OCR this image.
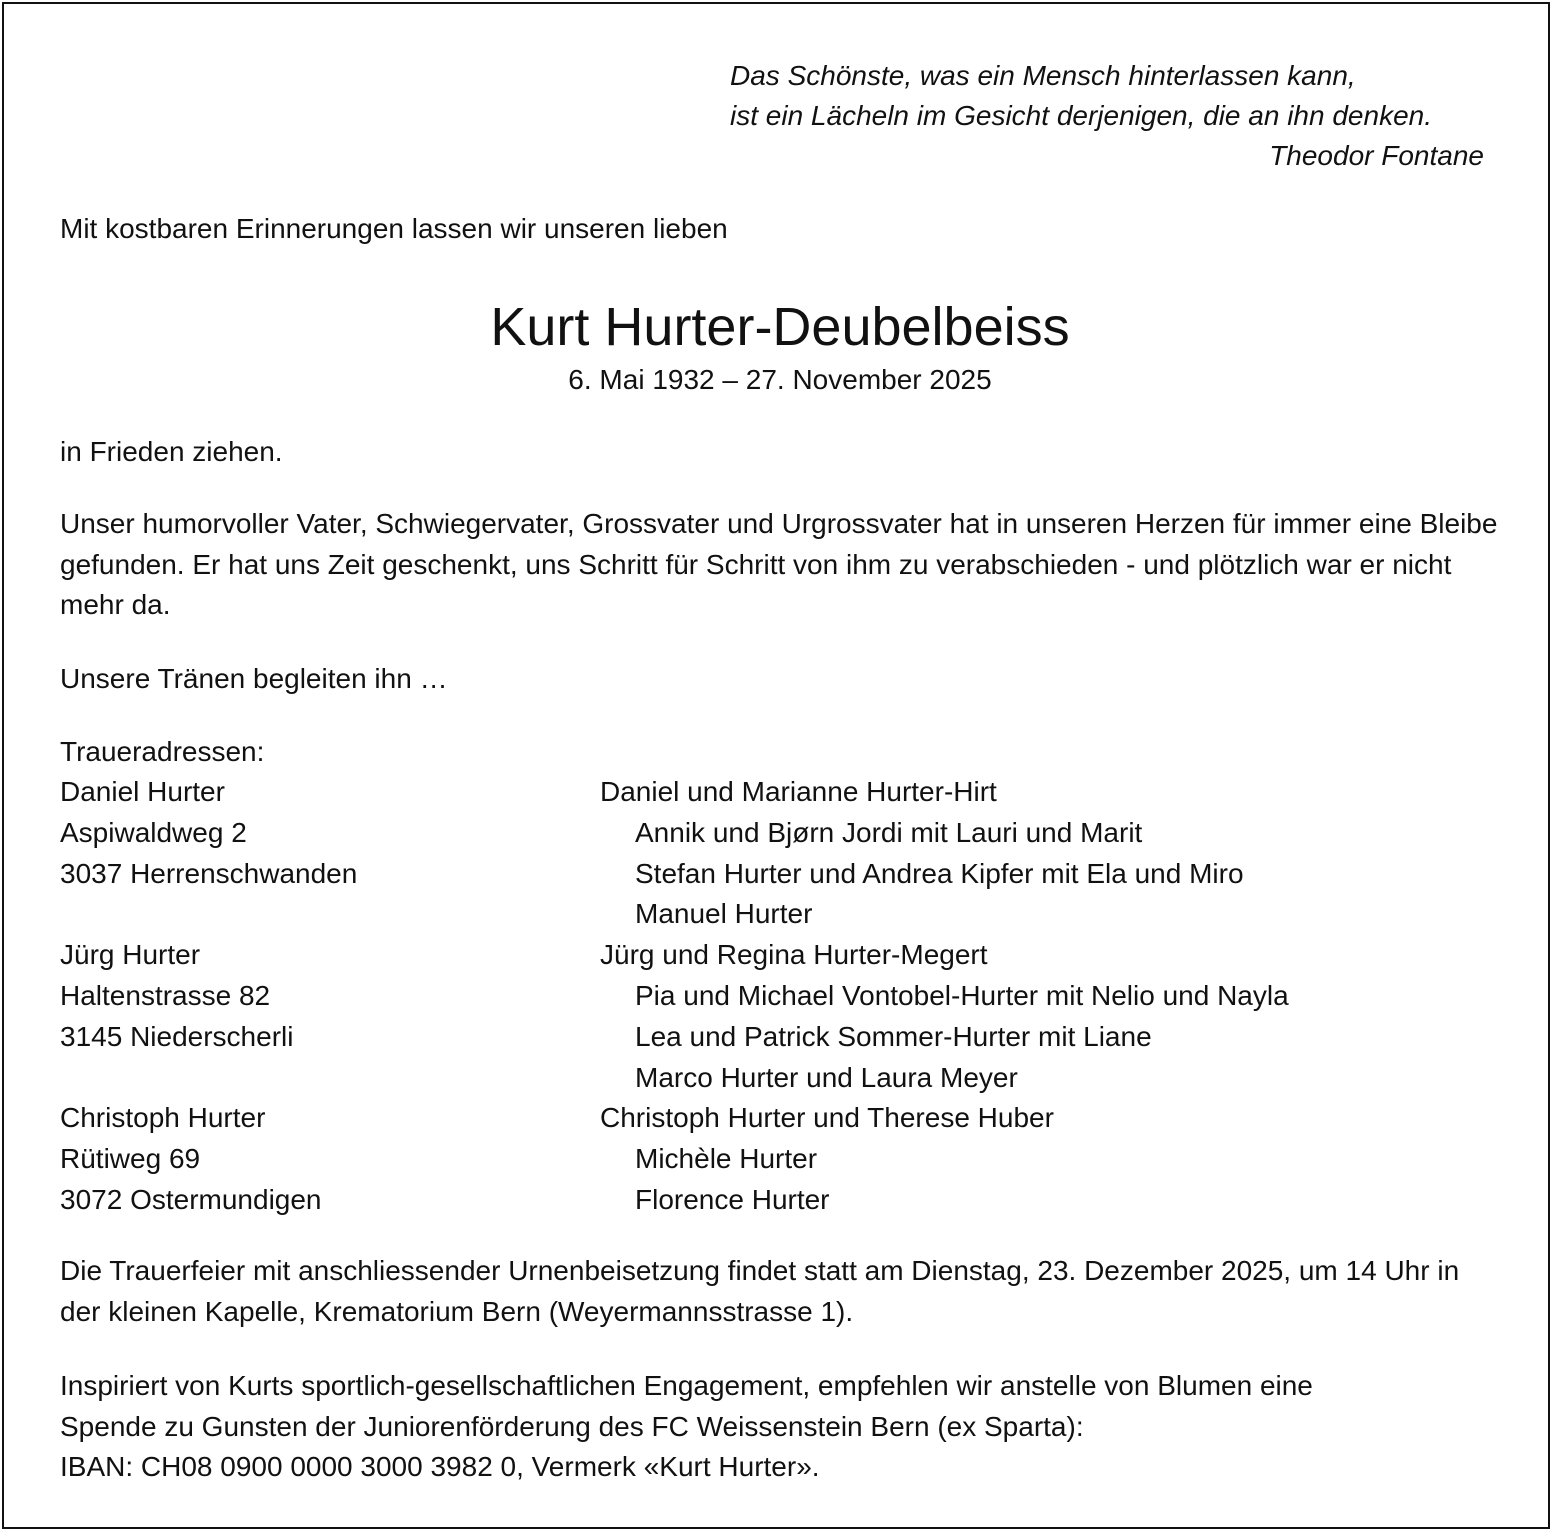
Das Schönste, was ein Mensch hinterlassen kann,
ist ein Lächeln im Gesicht derjenigen, die an ihn denken.
Theodor Fontane
Mit kostbaren Erinnerungen lassen wir unseren lieben
Kurt Hurter-Deubelbeiss
6. Mai 1932 – 27. November 2025
in Frieden ziehen.
Unser humorvoller Vater, Schwiegervater, Grossvater und Urgrossvater hat in unseren Herzen für immer eine Bleibe gefunden. Er hat uns Zeit geschenkt, uns Schritt für Schritt von ihm zu verabschieden - und plötzlich war er nicht mehr da.
Unsere Tränen begleiten ihn …
Traueradressen:
Daniel Hurter
Aspiwaldweg 2
3037 Herrenschwanden
Jürg Hurter
Haltenstrasse 82
3145 Niederscherli
Christoph Hurter
Rütiweg 69
3072 Ostermundigen
Daniel und Marianne Hurter-Hirt
Annik und Bjørn Jordi mit Lauri und Marit
Stefan Hurter und Andrea Kipfer mit Ela und Miro
Manuel Hurter
Jürg und Regina Hurter-Megert
Pia und Michael Vontobel-Hurter mit Nelio und Nayla
Lea und Patrick Sommer-Hurter mit Liane
Marco Hurter und Laura Meyer
Christoph Hurter und Therese Huber
Michèle Hurter
Florence Hurter
Die Trauerfeier mit anschliessender Urnenbeisetzung findet statt am Dienstag, 23. Dezember 2025, um 14 Uhr in der kleinen Kapelle, Krematorium Bern (Weyermannsstrasse 1).
Inspiriert von Kurts sportlich-gesellschaftlichen Engagement, empfehlen wir anstelle von Blumen eine
Spende zu Gunsten der Juniorenförderung des FC Weissenstein Bern (ex Sparta):
IBAN: CH08 0900 0000 3000 3982 0, Vermerk «Kurt Hurter».
